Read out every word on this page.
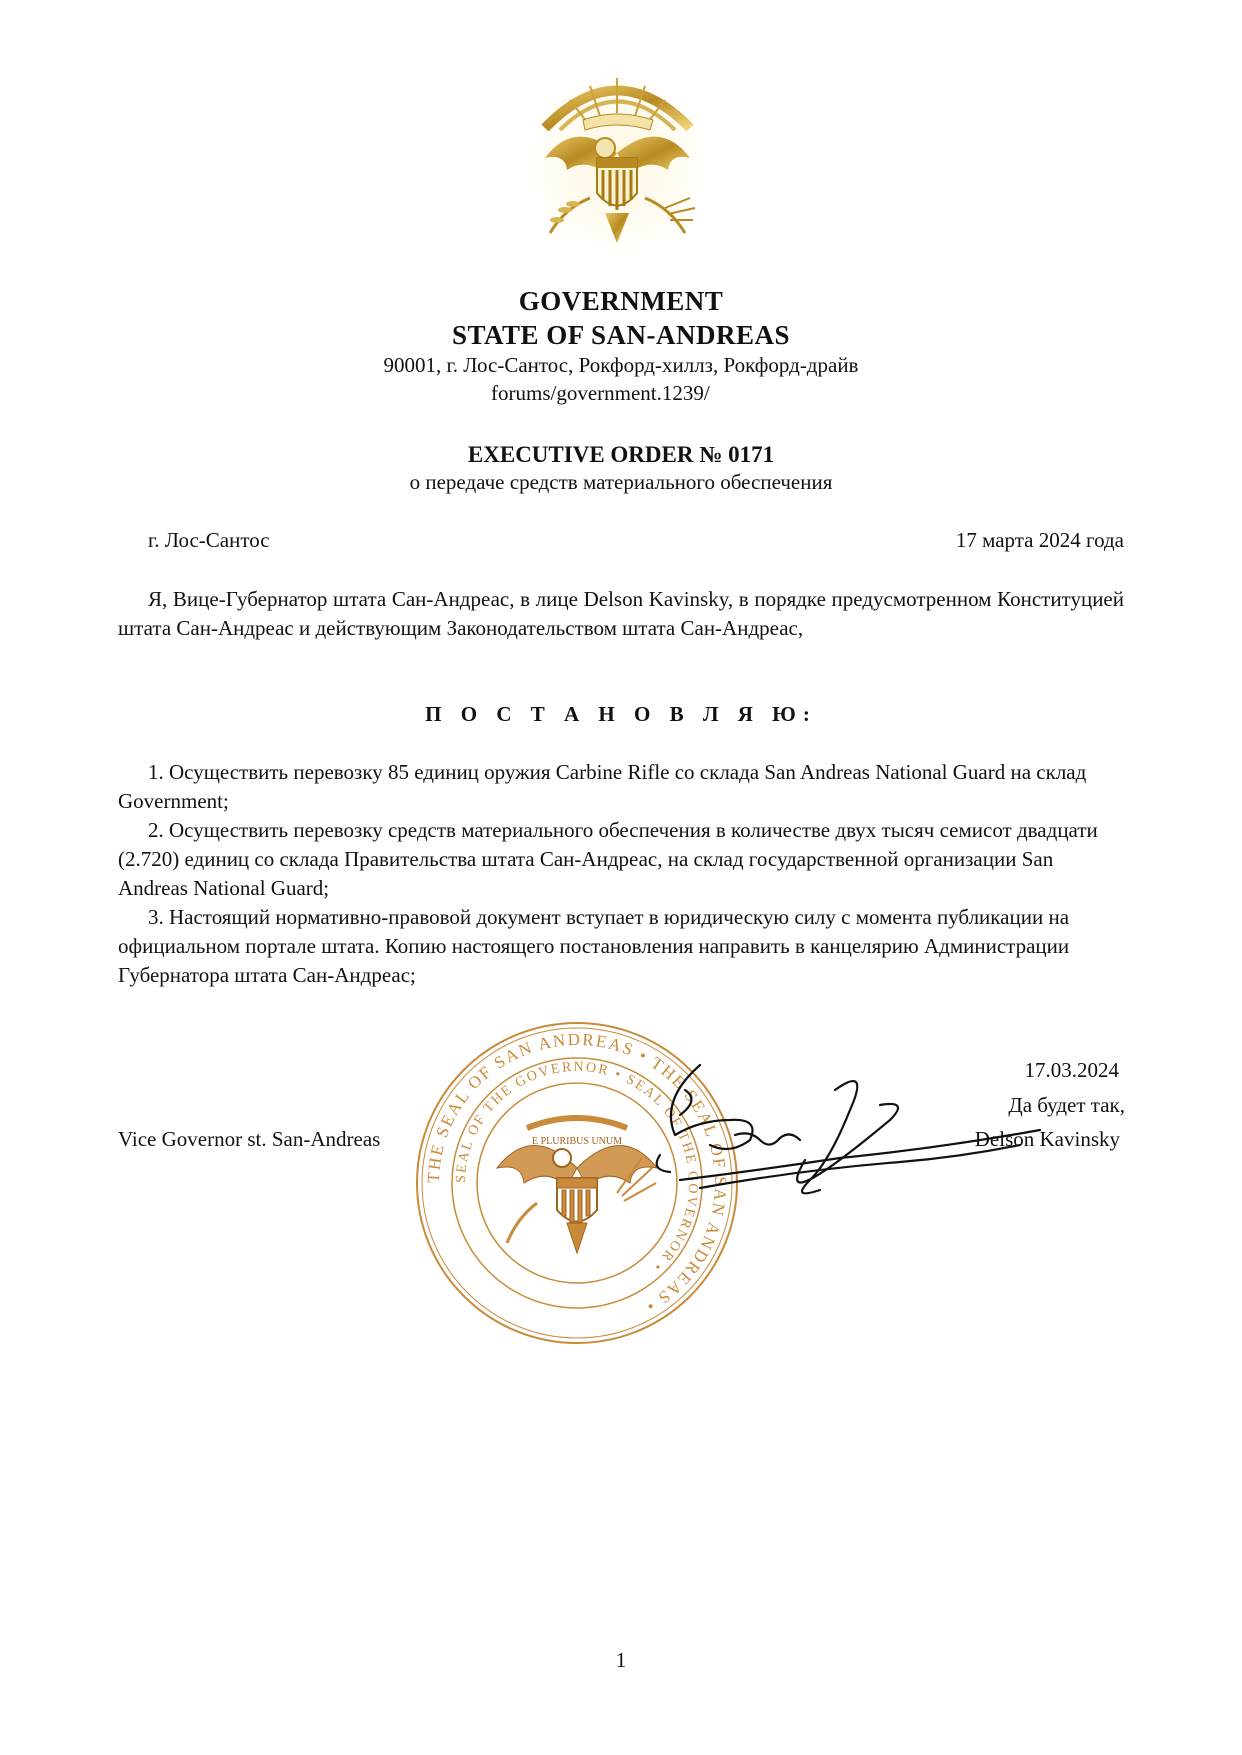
GOVERNMENT
STATE OF SAN-ANDREAS
90001, г. Лос-Сантос, Рокфорд-хиллз, Рокфорд-драйв
forums/government.1239/
EXECUTIVE ORDER № 0171
о передаче средств материального обеспечения
г. Лос-Сантос	17 марта 2024 года
Я, Вице-Губернатор штата Сан-Андреас, в лице Delson Kavinsky, в порядке предусмотренном Конституцией штата Сан-Андреас и действующим Законодательством штата Сан-Андреас,
П О С Т А Н О В Л Я Ю:

1. Осуществить перевозку 85 единиц оружия Carbine Rifle со склада San Andreas National Guard на склад Government;

2. Осуществить перевозку средств материального обеспечения в количестве двух тысяч семисот двадцати (2.720) единиц со склада Правительства штата Сан-Андреас, на склад государственной организации San Andreas National Guard;

3. Настоящий нормативно-правовой документ вступает в юридическую силу с момента публикации на официальном портале штата. Копию настоящего постановления направить в канцелярию Администрации Губернатора штата Сан-Андреас;

Vice Governor st. San-Andreas
THE SEAL OF SAN ANDREAS • THE SEAL OF SAN ANDREAS •
SEAL OF THE GOVERNOR • SEAL OF THE GOVERNOR •
E PLURIBUS UNUM
17.03.2024
Да будет так,
Delson Kavinsky
1
